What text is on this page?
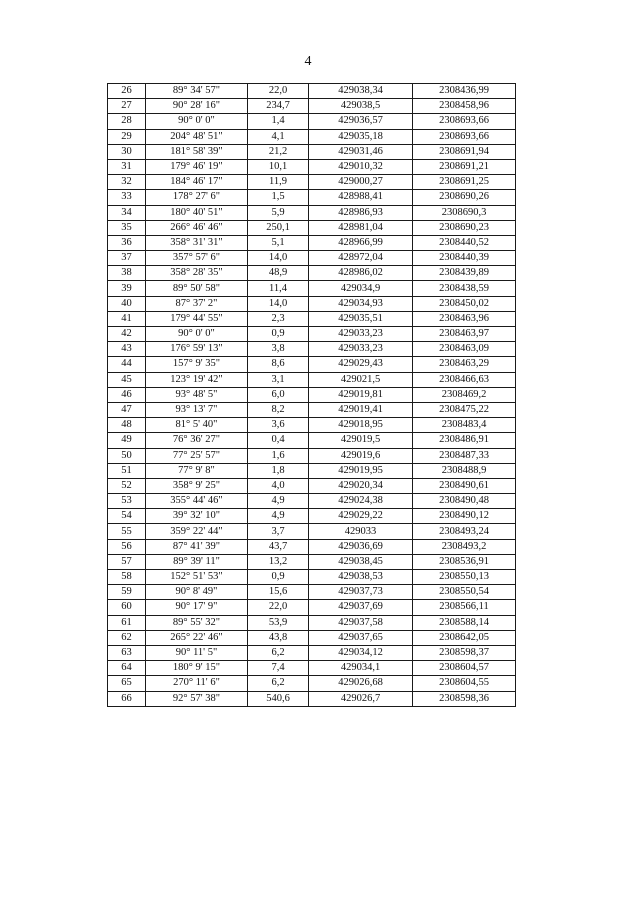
4
26	89° 34' 57"	22,0	429038,34	2308436,99
27	90° 28' 16"	234,7	429038,5	2308458,96
28	90° 0' 0"	1,4	429036,57	2308693,66
29	204° 48' 51"	4,1	429035,18	2308693,66
30	181° 58' 39"	21,2	429031,46	2308691,94
31	179° 46' 19"	10,1	429010,32	2308691,21
32	184° 46' 17"	11,9	429000,27	2308691,25
33	178° 27' 6"	1,5	428988,41	2308690,26
34	180° 40' 51"	5,9	428986,93	2308690,3
35	266° 46' 46"	250,1	428981,04	2308690,23
36	358° 31' 31"	5,1	428966,99	2308440,52
37	357° 57' 6"	14,0	428972,04	2308440,39
38	358° 28' 35"	48,9	428986,02	2308439,89
39	89° 50' 58"	11,4	429034,9	2308438,59
40	87° 37' 2"	14,0	429034,93	2308450,02
41	179° 44' 55"	2,3	429035,51	2308463,96
42	90° 0' 0"	0,9	429033,23	2308463,97
43	176° 59' 13"	3,8	429033,23	2308463,09
44	157° 9' 35"	8,6	429029,43	2308463,29
45	123° 19' 42"	3,1	429021,5	2308466,63
46	93° 48' 5"	6,0	429019,81	2308469,2
47	93° 13' 7"	8,2	429019,41	2308475,22
48	81° 5' 40"	3,6	429018,95	2308483,4
49	76° 36' 27"	0,4	429019,5	2308486,91
50	77° 25' 57"	1,6	429019,6	2308487,33
51	77° 9' 8"	1,8	429019,95	2308488,9
52	358° 9' 25"	4,0	429020,34	2308490,61
53	355° 44' 46"	4,9	429024,38	2308490,48
54	39° 32' 10"	4,9	429029,22	2308490,12
55	359° 22' 44"	3,7	429033	2308493,24
56	87° 41' 39"	43,7	429036,69	2308493,2
57	89° 39' 11"	13,2	429038,45	2308536,91
58	152° 51' 53"	0,9	429038,53	2308550,13
59	90° 8' 49"	15,6	429037,73	2308550,54
60	90° 17' 9"	22,0	429037,69	2308566,11
61	89° 55' 32"	53,9	429037,58	2308588,14
62	265° 22' 46"	43,8	429037,65	2308642,05
63	90° 11' 5"	6,2	429034,12	2308598,37
64	180° 9' 15"	7,4	429034,1	2308604,57
65	270° 11' 6"	6,2	429026,68	2308604,55
66	92° 57' 38"	540,6	429026,7	2308598,36
